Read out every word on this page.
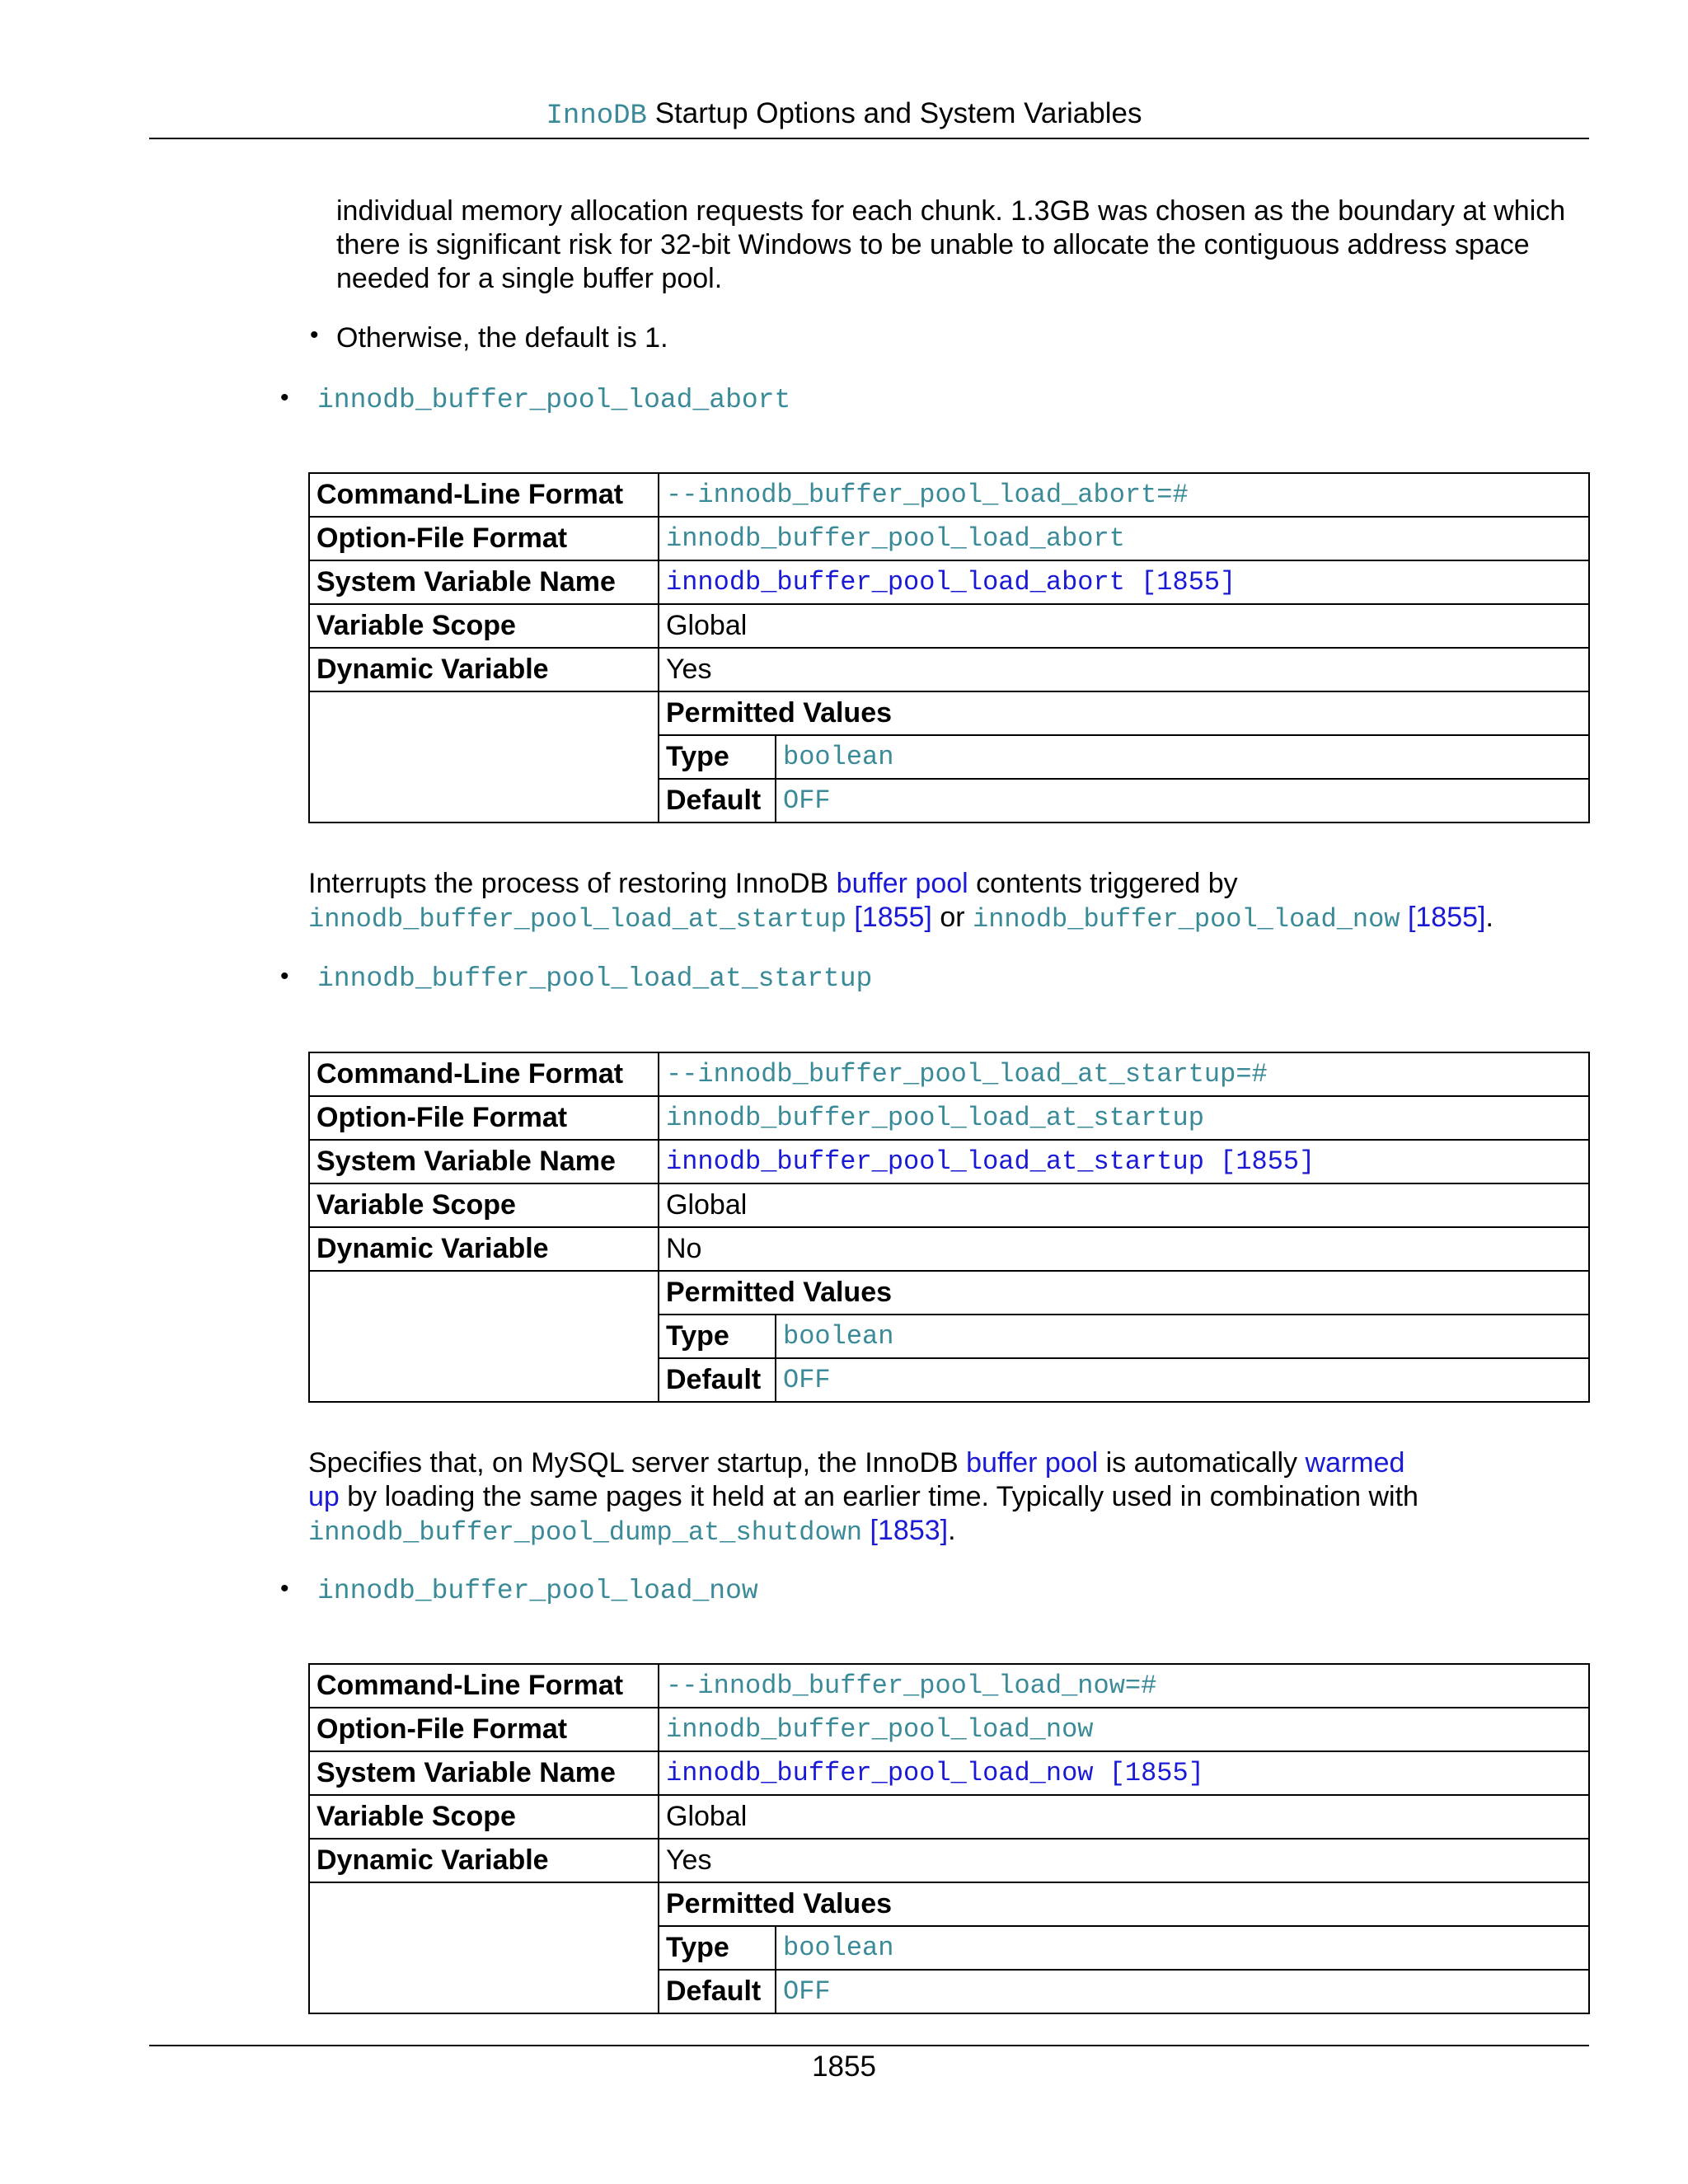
InnoDB Startup Options and System Variables
individual memory allocation requests for each chunk. 1.3GB was chosen as the boundary at which
there is significant risk for 32-bit Windows to be unable to allocate the contiguous address space
needed for a single buffer pool.
• Otherwise, the default is 1.
• innodb_buffer_pool_load_abort
Command-Line Format	--innodb_buffer_pool_load_abort=#	
Option-File Format	innodb_buffer_pool_load_abort	
System Variable Name	innodb_buffer_pool_load_abort [1855]	
Variable Scope	Global	
Dynamic Variable	Yes	
	Permitted Values	
	Type	boolean
	Default	OFF
Interrupts the process of restoring InnoDB buffer pool contents triggered by
innodb_buffer_pool_load_at_startup [1855] or innodb_buffer_pool_load_now [1855].
• innodb_buffer_pool_load_at_startup
Command-Line Format	--innodb_buffer_pool_load_at_startup=#	
Option-File Format	innodb_buffer_pool_load_at_startup	
System Variable Name	innodb_buffer_pool_load_at_startup [1855]	
Variable Scope	Global	
Dynamic Variable	No	
	Permitted Values	
	Type	boolean
	Default	OFF
Specifies that, on MySQL server startup, the InnoDB buffer pool is automatically warmed
up by loading the same pages it held at an earlier time. Typically used in combination with
innodb_buffer_pool_dump_at_shutdown [1853].
• innodb_buffer_pool_load_now
Command-Line Format	--innodb_buffer_pool_load_now=#	
Option-File Format	innodb_buffer_pool_load_now	
System Variable Name	innodb_buffer_pool_load_now [1855]	
Variable Scope	Global	
Dynamic Variable	Yes	
	Permitted Values	
	Type	boolean
	Default	OFF
1855
